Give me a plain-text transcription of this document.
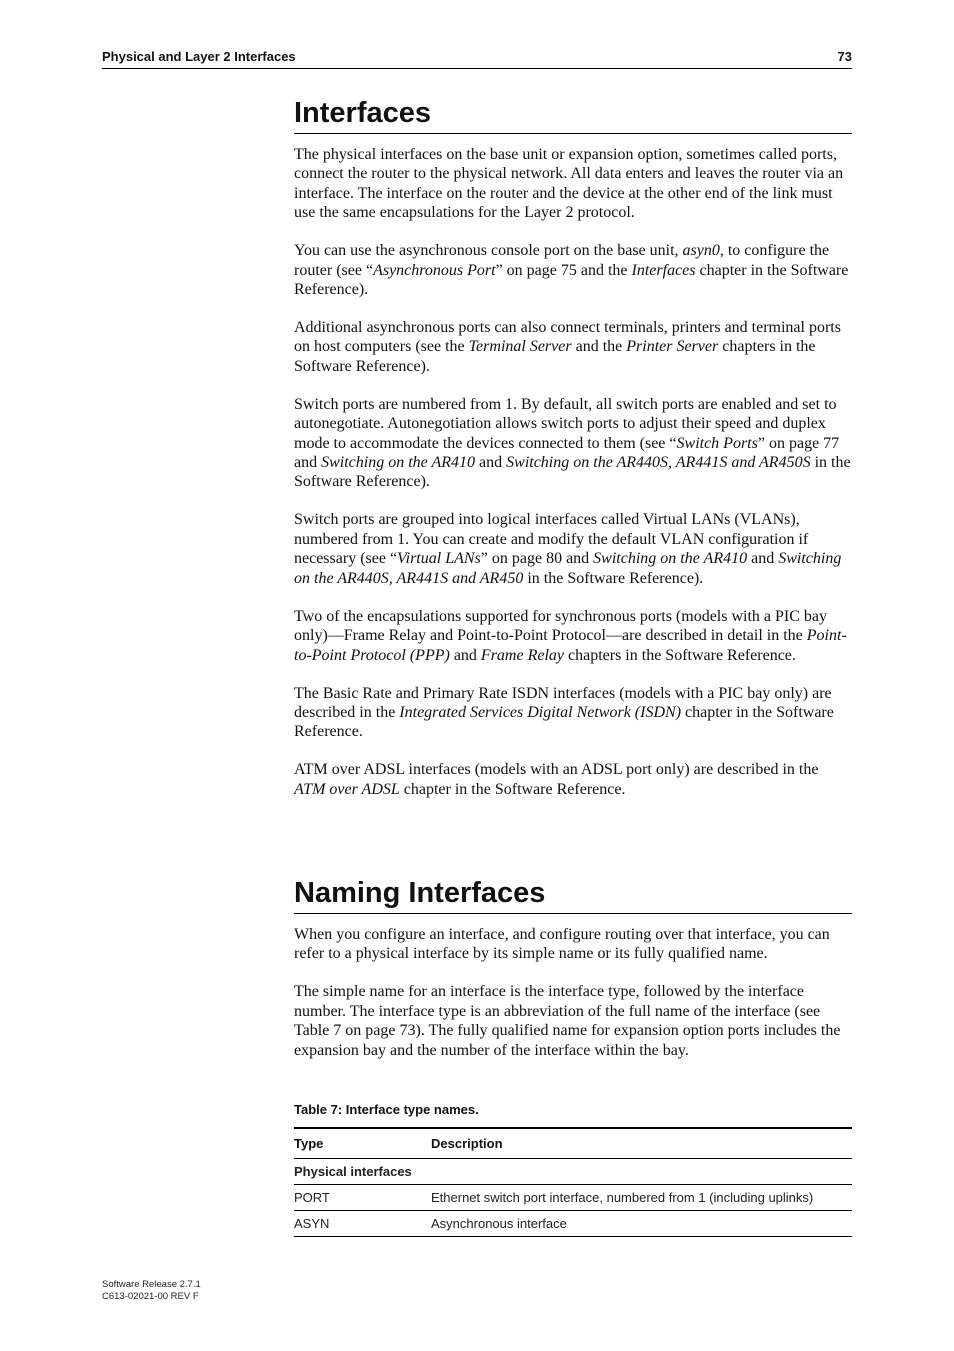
Physical and Layer 2 Interfaces	73
Interfaces

The physical interfaces on the base unit or expansion option, sometimes called ports, connect the router to the physical network. All data enters and leaves the router via an interface. The interface on the router and the device at the other end of the link must use the same encapsulations for the Layer 2 protocol.

You can use the asynchronous console port on the base unit, asyn0, to configure the router (see “Asynchronous Port” on page 75 and the Interfaces chapter in the Software Reference).

Additional asynchronous ports can also connect terminals, printers and terminal ports on host computers (see the Terminal Server and the Printer Server chapters in the Software Reference).

Switch ports are numbered from 1. By default, all switch ports are enabled and set to autonegotiate. Autonegotiation allows switch ports to adjust their speed and duplex mode to accommodate the devices connected to them (see “Switch Ports” on page 77 and Switching on the AR410 and Switching on the AR440S, AR441S and AR450S in the Software Reference).

Switch ports are grouped into logical interfaces called Virtual LANs (VLANs), numbered from 1. You can create and modify the default VLAN configuration if necessary (see “Virtual LANs” on page 80 and Switching on the AR410 and Switching on the AR440S, AR441S and AR450 in the Software Reference).

Two of the encapsulations supported for synchronous ports (models with a PIC bay only)—Frame Relay and Point-to-Point Protocol—are described in detail in the Point-to-Point Protocol (PPP) and Frame Relay chapters in the Software Reference.

The Basic Rate and Primary Rate ISDN interfaces (models with a PIC bay only) are described in the Integrated Services Digital Network (ISDN) chapter in the Software Reference.

ATM over ADSL interfaces (models with an ADSL port only) are described in the ATM over ADSL chapter in the Software Reference.

Naming Interfaces

When you configure an interface, and configure routing over that interface, you can refer to a physical interface by its simple name or its fully qualified name.

The simple name for an interface is the interface type, followed by the interface number. The interface type is an abbreviation of the full name of the interface (see Table 7 on page 73). The fully qualified name for expansion option ports includes the expansion bay and the number of the interface within the bay.

Table 7: Interface type names.
Type	Description
Physical interfaces	
PORT	Ethernet switch port interface, numbered from 1 (including uplinks)
ASYN	Asynchronous interface
Software Release 2.7.1
C613-02021-00 REV F
